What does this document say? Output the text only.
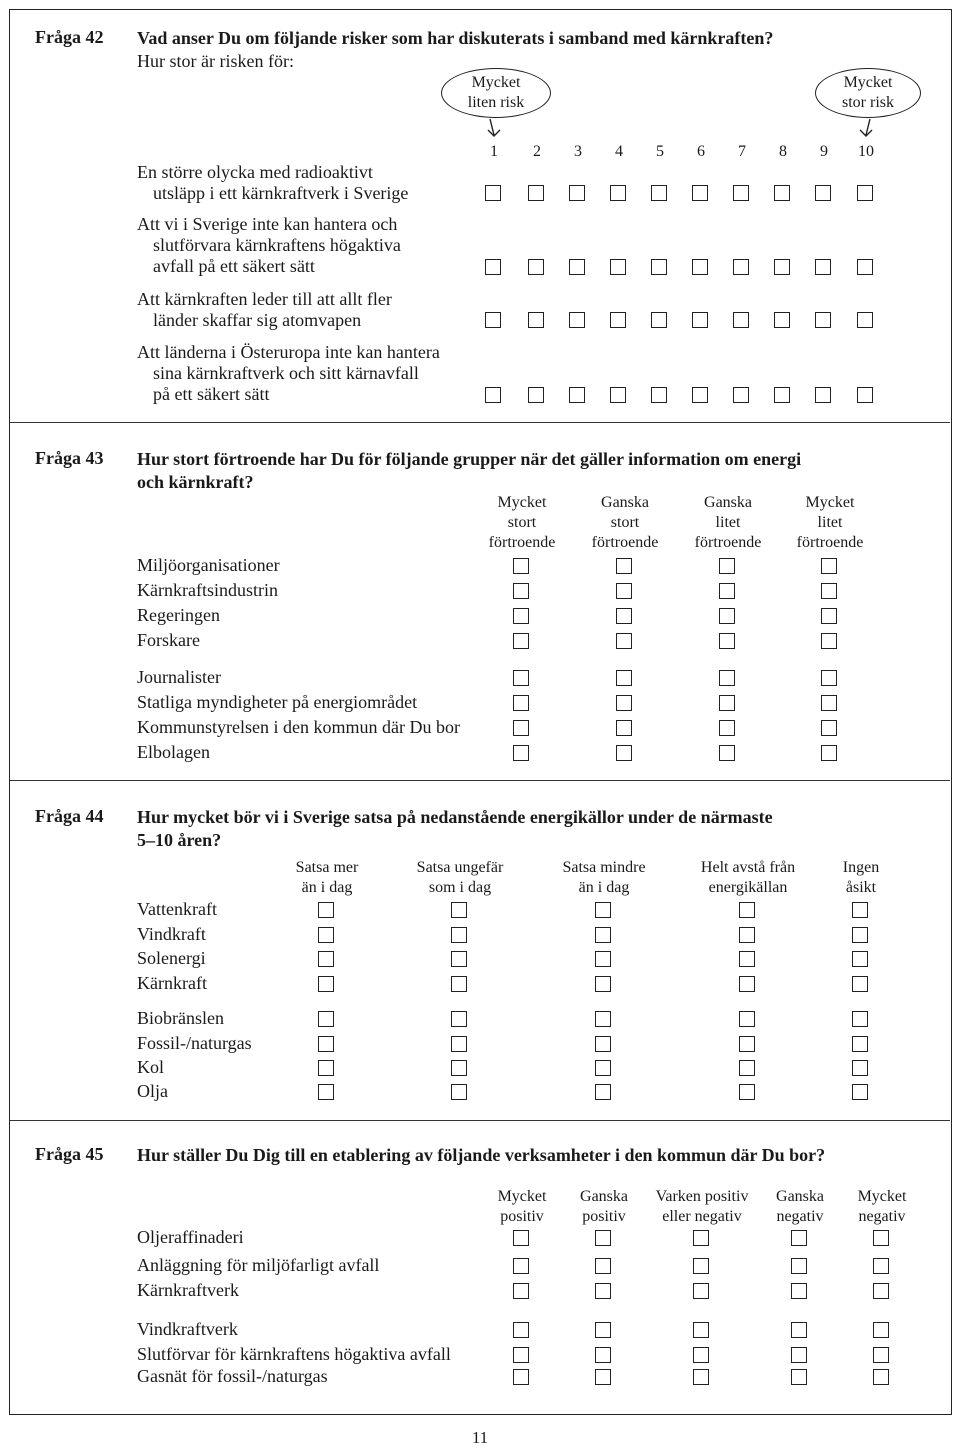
Fråga 42 Vad anser Du om följande risker som har diskuterats i samband med kärnkraften?
Hur stor är risken för:
Mycket
liten risk
Mycket
stor risk
1 2 3 4 5 6 7 8 9 10
En större olycka med radioaktivt
utsläpp i ett kärnkraftverk i Sverige
Att vi i Sverige inte kan hantera och
slutförvara kärnkraftens högaktiva
avfall på ett säkert sätt
Att kärnkraften leder till att allt fler
länder skaffar sig atomvapen
Att länderna i Österuropa inte kan hantera
sina kärnkraftverk och sitt kärnavfall
på ett säkert sätt
Fråga 43 Hur stort förtroende har Du för följande grupper när det gäller information om energi
och kärnkraft?
Mycket
stort
förtroende
Ganska
stort
förtroende
Ganska
litet
förtroende
Mycket
litet
förtroende
Miljöorganisationer
Kärnkraftsindustrin
Regeringen
Forskare
Journalister
Statliga myndigheter på energiområdet
Kommunstyrelsen i den kommun där Du bor
Elbolagen
Fråga 44 Hur mycket bör vi i Sverige satsa på nedanstående energikällor under de närmaste
5–10 åren?
Satsa mer
än i dag
Satsa ungefär
som i dag
Satsa mindre
än i dag
Helt avstå från
energikällan
Ingen
åsikt
Vattenkraft
Vindkraft
Solenergi
Kärnkraft
Biobränslen
Fossil-/naturgas
Kol
Olja
Fråga 45 Hur ställer Du Dig till en etablering av följande verksamheter i den kommun där Du bor?
Mycket
positiv
Ganska
positiv
Varken positiv
eller negativ
Ganska
negativ
Mycket
negativ
Oljeraffinaderi
Anläggning för miljöfarligt avfall
Kärnkraftverk
Vindkraftverk
Slutförvar för kärnkraftens högaktiva avfall
Gasnät för fossil-/naturgas
11
